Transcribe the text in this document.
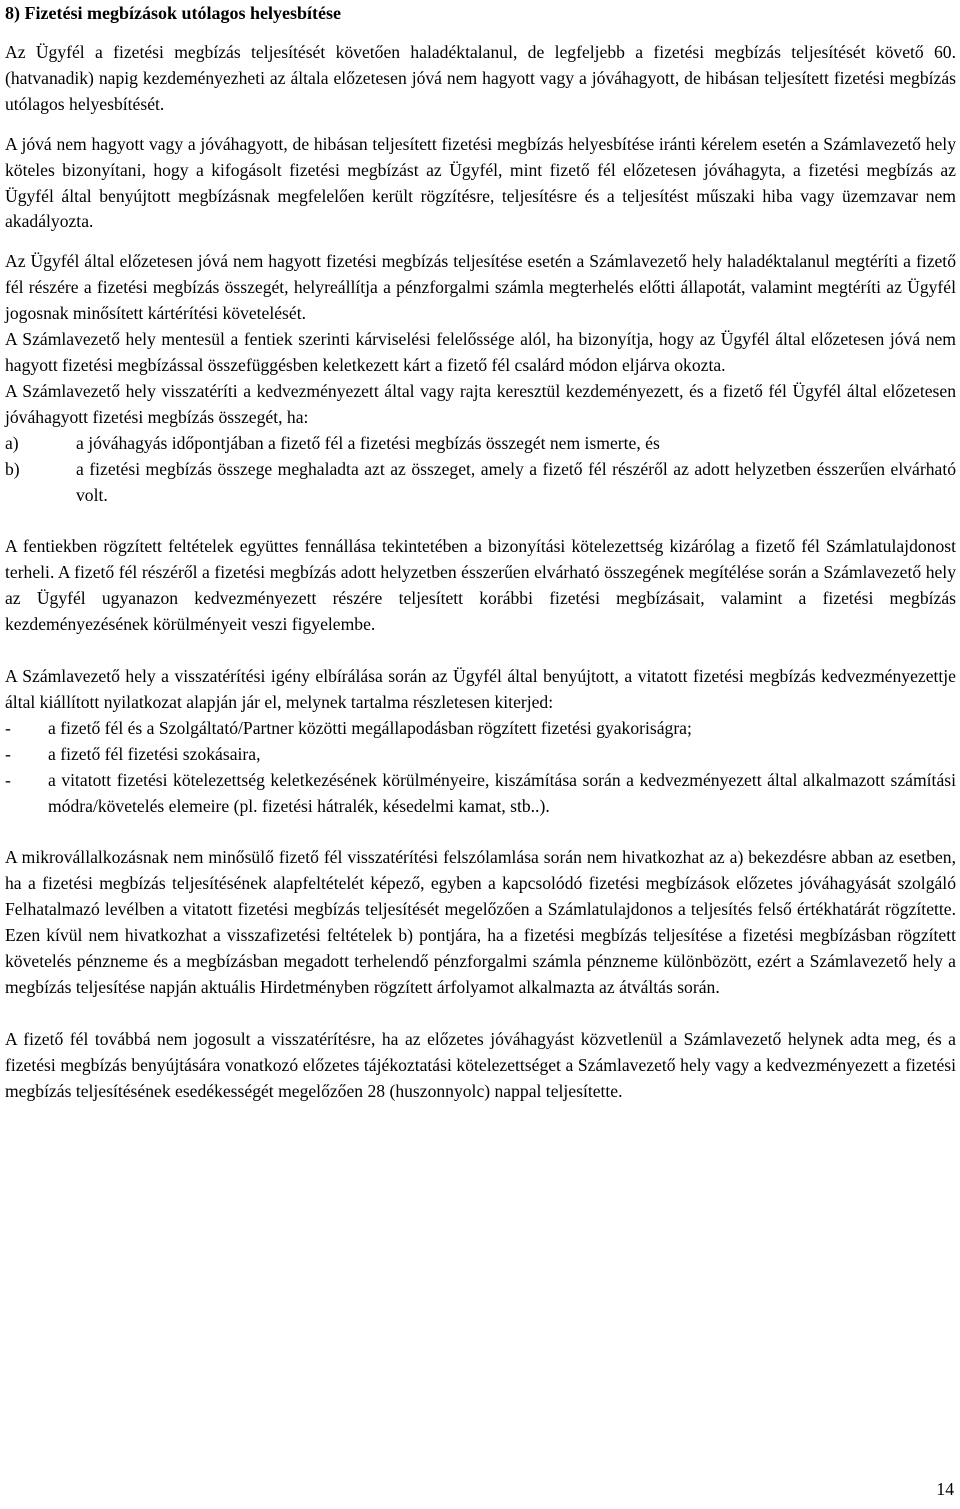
8) Fizetési megbízások utólagos helyesbítése

Az Ügyfél a fizetési megbízás teljesítését követően haladéktalanul, de legfeljebb a fizetési megbízás teljesítését követő 60. (hatvanadik) napig kezdeményezheti az általa előzetesen jóvá nem hagyott vagy a jóváhagyott, de hibásan teljesített fizetési megbízás utólagos helyesbítését.

A jóvá nem hagyott vagy a jóváhagyott, de hibásan teljesített fizetési megbízás helyesbítése iránti kérelem esetén a Számlavezető hely köteles bizonyítani, hogy a kifogásolt fizetési megbízást az Ügyfél, mint fizető fél előzetesen jóváhagyta, a fizetési megbízás az Ügyfél által benyújtott megbízásnak megfelelően került rögzítésre, teljesítésre és a teljesítést műszaki hiba vagy üzemzavar nem akadályozta.

Az Ügyfél által előzetesen jóvá nem hagyott fizetési megbízás teljesítése esetén a Számlavezető hely haladéktalanul megtéríti a fizető fél részére a fizetési megbízás összegét, helyreállítja a pénzforgalmi számla megterhelés előtti állapotát, valamint megtéríti az Ügyfél jogosnak minősített kártérítési követelését.

A Számlavezető hely mentesül a fentiek szerinti kárviselési felelőssége alól, ha bizonyítja, hogy az Ügyfél által előzetesen jóvá nem hagyott fizetési megbízással összefüggésben keletkezett kárt a fizető fél csalárd módon eljárva okozta.

A Számlavezető hely visszatéríti a kedvezményezett által vagy rajta keresztül kezdeményezett, és a fizető fél Ügyfél által előzetesen jóváhagyott fizetési megbízás összegét, ha:

a)	a jóváhagyás időpontjában a fizető fél a fizetési megbízás összegét nem ismerte, és
b)	a fizetési megbízás összege meghaladta azt az összeget, amely a fizető fél részéről az adott helyzetben ésszerűen elvárható volt.

A fentiekben rögzített feltételek együttes fennállása tekintetében a bizonyítási kötelezettség kizárólag a fizető fél Számlatulajdonost terheli. A fizető fél részéről a fizetési megbízás adott helyzetben ésszerűen elvárható összegének megítélése során a Számlavezető hely az Ügyfél ugyanazon kedvezményezett részére teljesített korábbi fizetési megbízásait, valamint a fizetési megbízás kezdeményezésének körülményeit veszi figyelembe.

A Számlavezető hely a visszatérítési igény elbírálása során az Ügyfél által benyújtott, a vitatott fizetési megbízás kedvezményezettje által kiállított nyilatkozat alapján jár el, melynek tartalma részletesen kiterjed:

-	a fizető fél és a Szolgáltató/Partner közötti megállapodásban rögzített fizetési gyakoriságra;
-	a fizető fél fizetési szokásaira,
-	a vitatott fizetési kötelezettség keletkezésének körülményeire, kiszámítása során a kedvezményezett által alkalmazott számítási módra/követelés elemeire (pl. fizetési hátralék, késedelmi kamat, stb..).

A mikrovállalkozásnak nem minősülő fizető fél visszatérítési felszólamlása során nem hivatkozhat az a) bekezdésre abban az esetben, ha a fizetési megbízás teljesítésének alapfeltételét képező, egyben a kapcsolódó fizetési megbízások előzetes jóváhagyását szolgáló Felhatalmazó levélben a vitatott fizetési megbízás teljesítését megelőzően a Számlatulajdonos a teljesítés felső értékhatárát rögzítette. Ezen kívül nem hivatkozhat a visszafizetési feltételek b) pontjára, ha a fizetési megbízás teljesítése a fizetési megbízásban rögzített követelés pénzneme és a megbízásban megadott terhelendő pénzforgalmi számla pénzneme különbözött, ezért a Számlavezető hely a megbízás teljesítése napján aktuális Hirdetményben rögzített árfolyamot alkalmazta az átváltás során.

A fizető fél továbbá nem jogosult a visszatérítésre, ha az előzetes jóváhagyást közvetlenül a Számlavezető helynek adta meg, és a fizetési megbízás benyújtására vonatkozó előzetes tájékoztatási kötelezettséget a Számlavezető hely vagy a kedvezményezett a fizetési megbízás teljesítésének esedékességét megelőzően 28 (huszonnyolc) nappal teljesítette.

14
